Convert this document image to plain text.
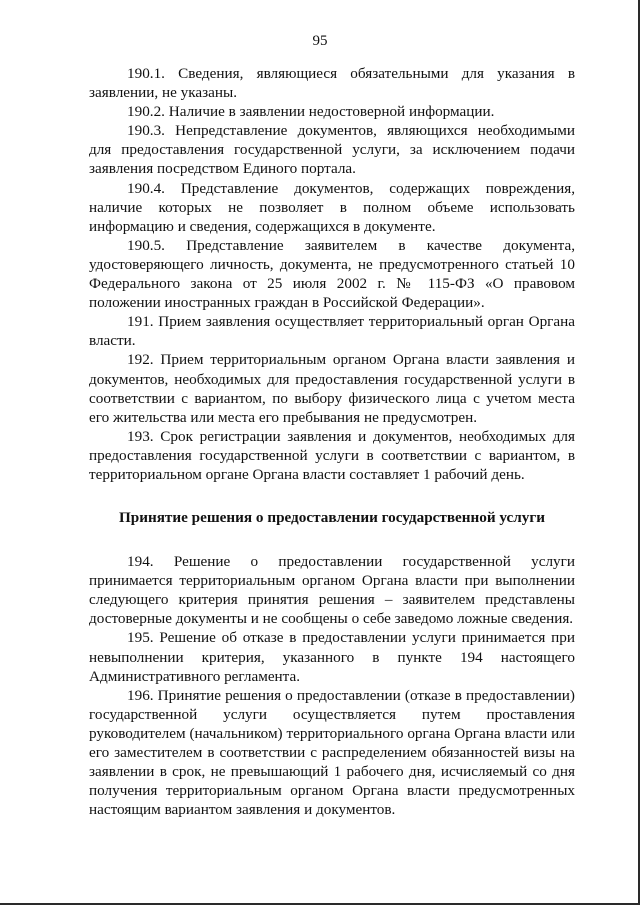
95

190.1. Сведения, являющиеся обязательными для указания в заявлении, не указаны.

190.2. Наличие в заявлении недостоверной информации.

190.3. Непредставление документов, являющихся необходимыми для предоставления государственной услуги, за исключением подачи заявления посредством Единого портала.

190.4. Представление документов, содержащих повреждения, наличие которых не позволяет в полном объеме использовать информацию и сведения, содержащихся в документе.

190.5. Представление заявителем в качестве документа, удостоверяющего личность, документа, не предусмотренного статьей 10 Федерального закона от 25 июля 2002 г. № 115-ФЗ «О правовом положении иностранных граждан в Российской Федерации».

191. Прием заявления осуществляет территориальный орган Органа власти.

192. Прием территориальным органом Органа власти заявления и документов, необходимых для предоставления государственной услуги в соответствии с вариантом, по выбору физического лица с учетом места его жительства или места его пребывания не предусмотрен.

193. Срок регистрации заявления и документов, необходимых для предоставления государственной услуги в соответствии с вариантом, в территориальном органе Органа власти составляет 1 рабочий день.

Принятие решения о предоставлении государственной услуги

194. Решение о предоставлении государственной услуги принимается территориальным органом Органа власти при выполнении следующего критерия принятия решения – заявителем представлены достоверные документы и не сообщены о себе заведомо ложные сведения.

195. Решение об отказе в предоставлении услуги принимается при невыполнении критерия, указанного в пункте 194 настоящего Административного регламента.

196. Принятие решения о предоставлении (отказе в предоставлении) государственной услуги осуществляется путем проставления руководителем (начальником) территориального органа Органа власти или его заместителем в соответствии с распределением обязанностей визы на заявлении в срок, не превышающий 1 рабочего дня, исчисляемый со дня получения территориальным органом Органа власти предусмотренных настоящим вариантом заявления и документов.
